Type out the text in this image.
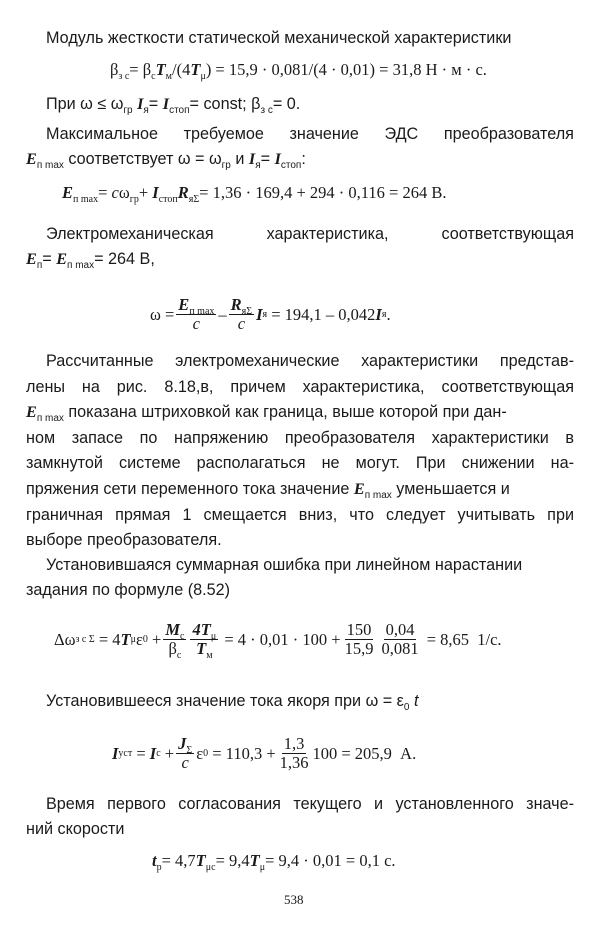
Модуль жесткости статической механической характеристики
$\beta_{з с}= \beta_сT_м/(4T_\mu) = 15,9 \cdot 0,081/(4 \cdot 0,01) = 31,8$ Н · м · с.
При $\omega \le \omega_{гр}$ $I_я= I_{стоп}=$ const; $\beta_{з с}= 0$.
Максимальное требуемое значение ЭДС преобразователя
$E_{п max}$ соответствует $\omega = \omega_{гр}$ и $I_я= I_{стоп}$:
$E_{п max}= c\omega_{гр}+ I_{стоп}R_{я\Sigma}= 1,36 \cdot 169,4 + 294 \cdot 0,116 = 264$ В.
Электромеханическая	характеристика,	соответствующая
$E_п= E_{п max}= 264$ В,
$\omega = \frac{E_{п max}}{c} - \frac{R_{я\Sigma}}{c}$ I я = 194,1 – 0,042 I я .
Рассчитанные электромеханические характеристики представ-
лены на рис. 8.18,в, причем характеристика, соответствующая
$E_{п max}$ показана штриховкой как граница, выше которой при дан-
ном запасе по напряжению преобразователя характеристики в
замкнутой системе располагаться не могут. При снижении на-
пряжения сети переменного тока значение $E_{п max}$ уменьшается и
граничная прямая 1 смещается вниз, что следует учитывать при
выборе преобразователя.
Установившаяся суммарная ошибка при линейном нарастании
задания по формуле (8.52)
Δω з с Σ = 4 T μ ε $0 + \frac{M_с}{\beta_с} \frac{4T_\mu}{T_м} = 4 \cdot 0,01 \cdot 100 + \frac{150}{15,9} \frac{0,04}{0,081} = 8,65$  1/с.
Установившееся значение тока якоря при $\omega = \varepsilon_0$ t
I уст = I $с + \frac{J_\Sigma}{c}$ ε $0 = 110,3 + \frac{1,3}{1,36} 100 = 205,9$  А.
Время первого согласования текущего и установленного значе-
ний скорости
$t_р= 4,7T_{\mu с}= 9,4T_\mu= 9,4 \cdot 0,01 = 0,1$ с.
538
